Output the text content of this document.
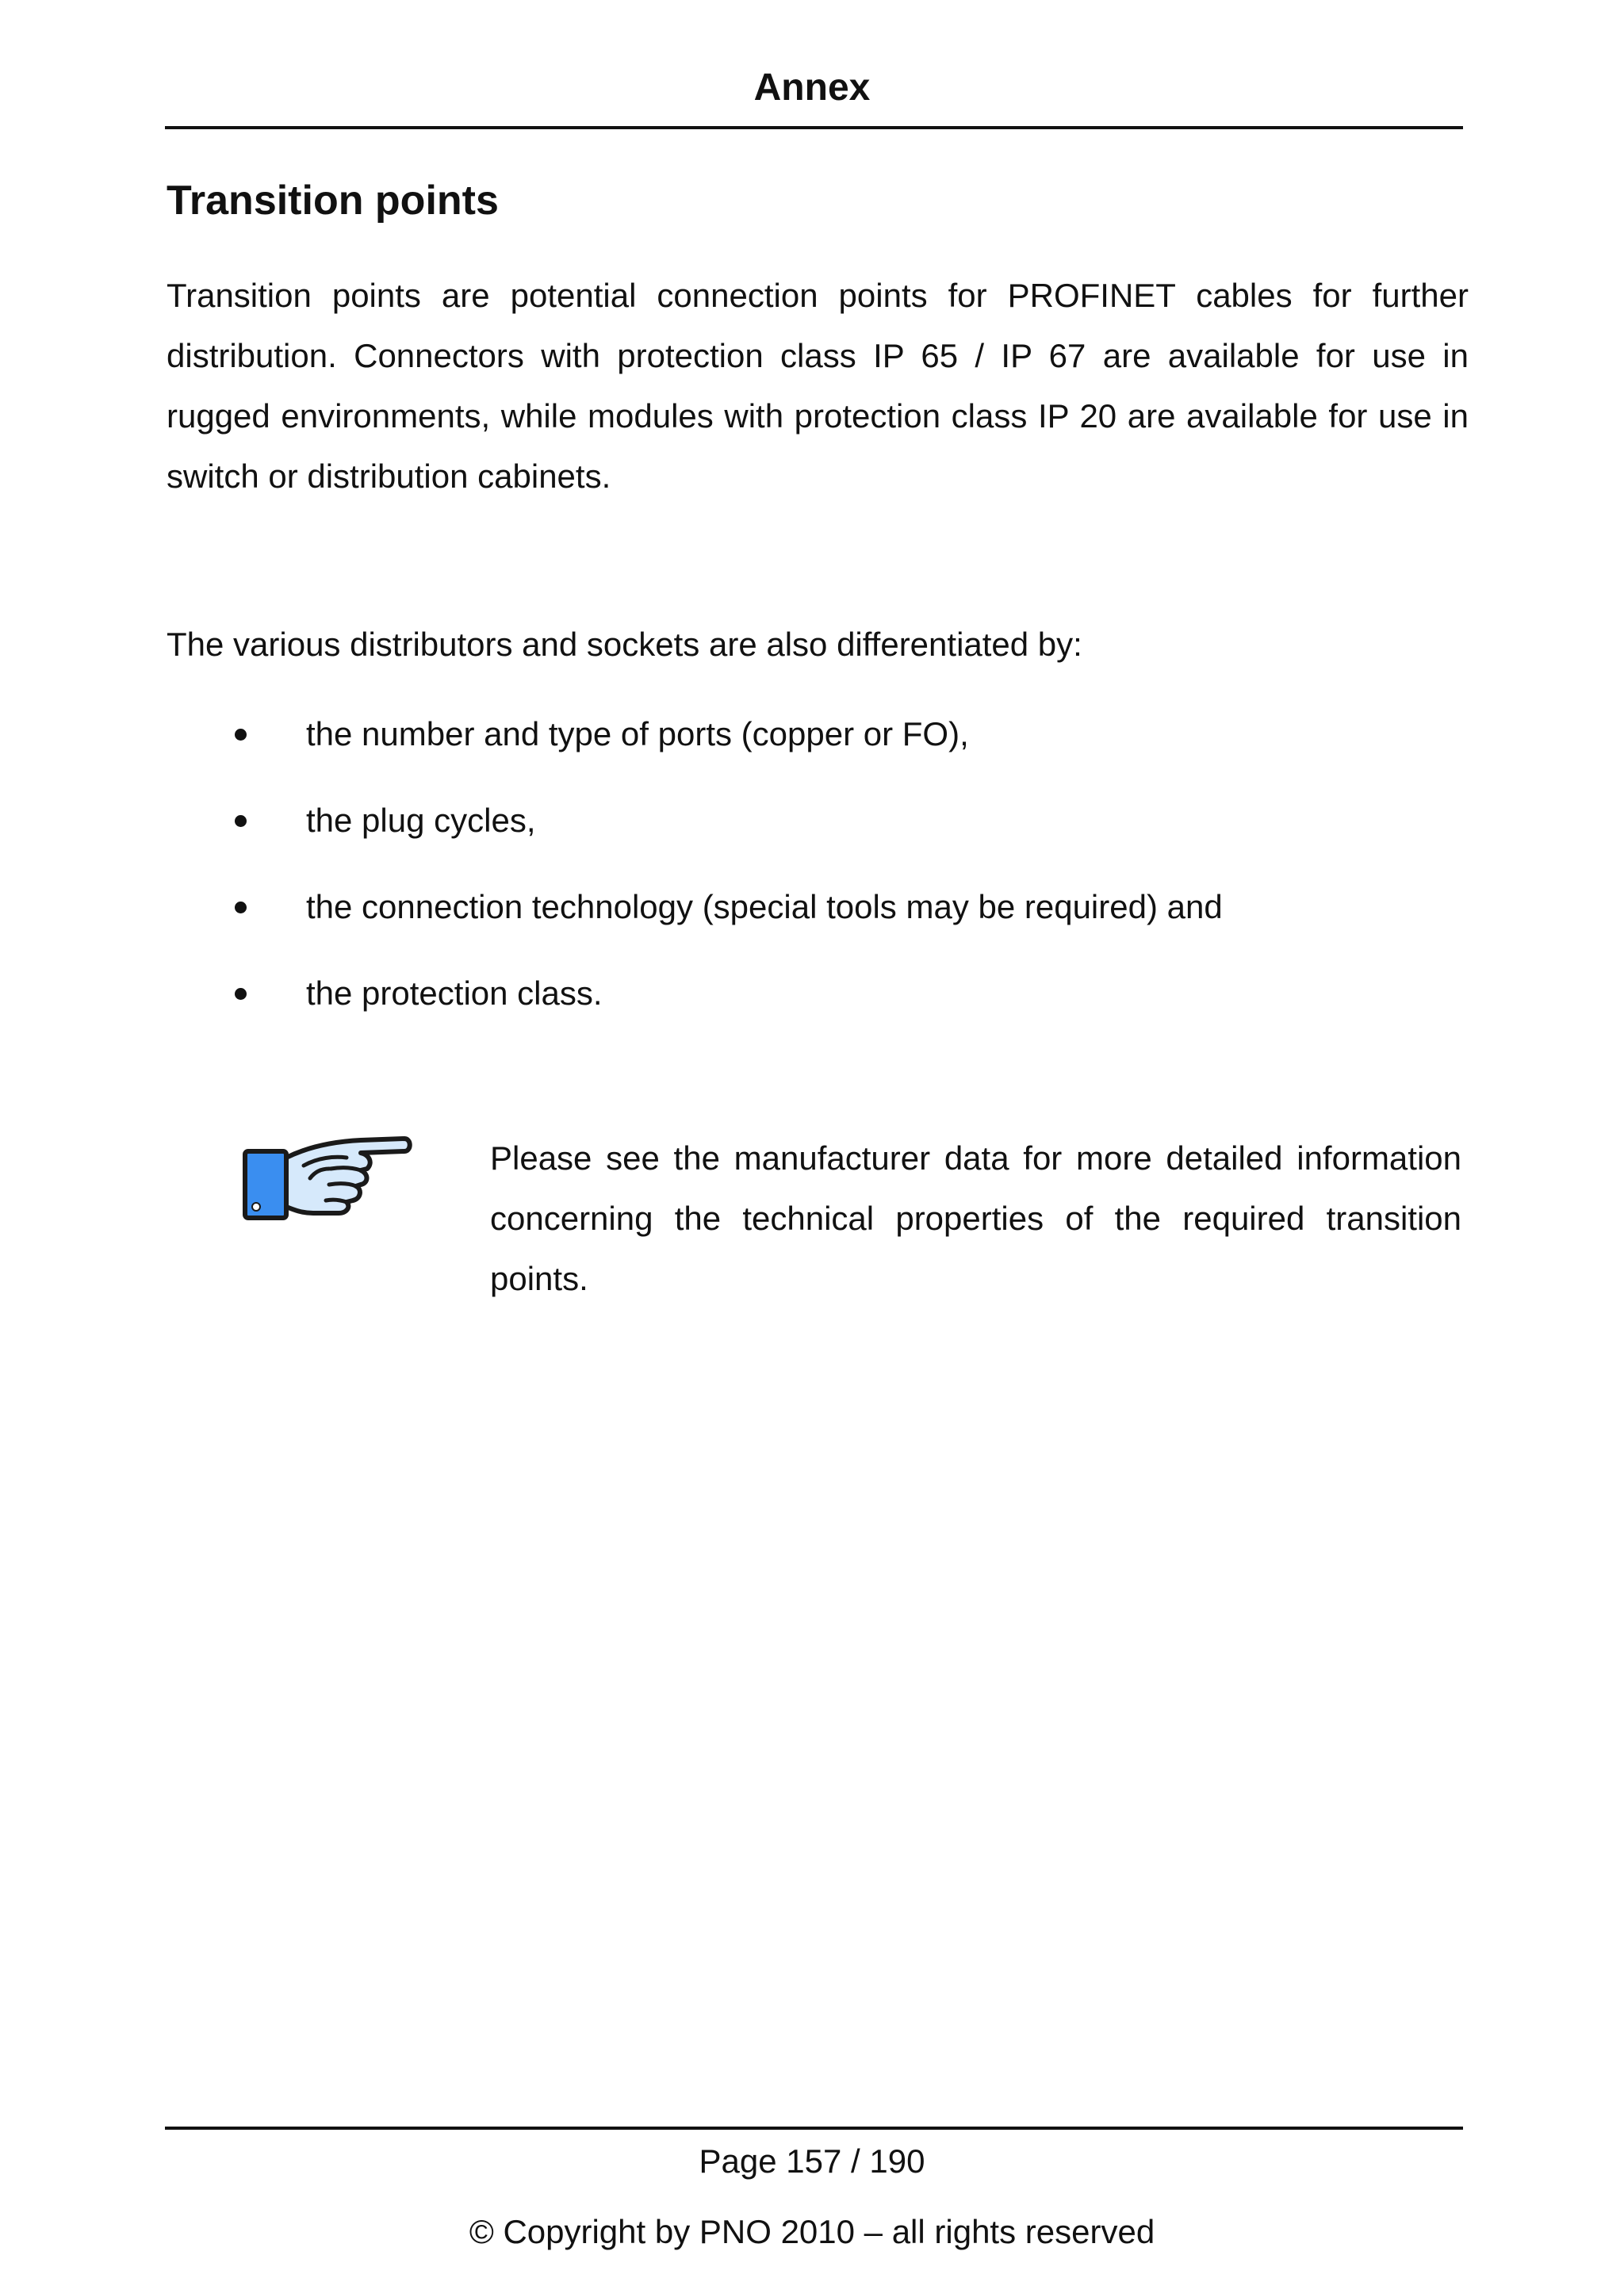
Annex
Transition points

Transition points are potential connection points for PROFINET cables for further distribution. Connectors with protection class IP 65 / IP 67 are available for use in rugged environments, while modules with protection class IP 20 are available for use in switch or distribution cabinets.

The various distributors and sockets are also differentiated by:

the number and type of ports (copper or FO),
the plug cycles,
the connection technology (special tools may be required) and
the protection class.

Please see the manufacturer data for more detailed information concerning the technical properties of the required transition points.

Page 157 / 190
© Copyright by PNO 2010 – all rights reserved
